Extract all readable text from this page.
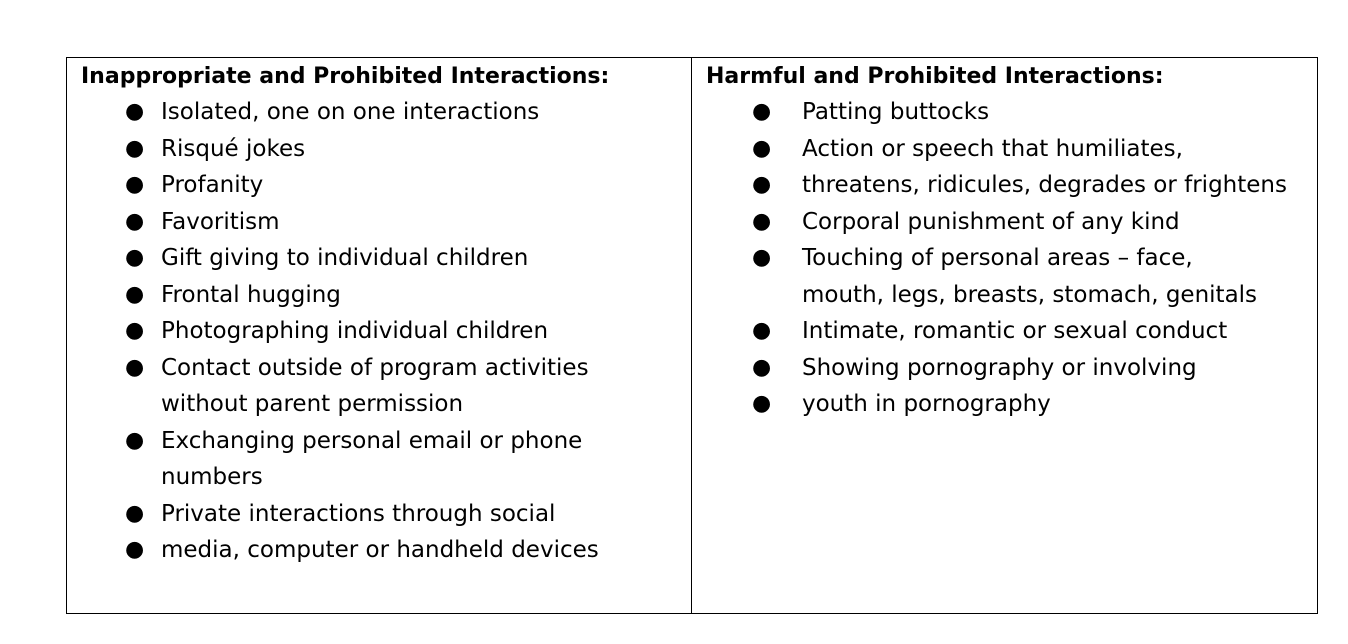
Inappropriate and Prohibited Interactions:
● Isolated, one on one interactions
● Risqué jokes
● Profanity
● Favoritism
● Gift giving to individual children
● Frontal hugging
● Photographing individual children
● Contact outside of program activities
without parent permission
● Exchanging personal email or phone
numbers
● Private interactions through social
● media, computer or handheld devices

Harmful and Prohibited Interactions:
●	Patting buttocks
●	Action or speech that humiliates,
●	threatens, ridicules, degrades or frightens
●	Corporal punishment of any kind
●	Touching of personal areas – face,
mouth, legs, breasts, stomach, genitals
●	Intimate, romantic or sexual conduct
●	Showing pornography or involving
●	youth in pornography
